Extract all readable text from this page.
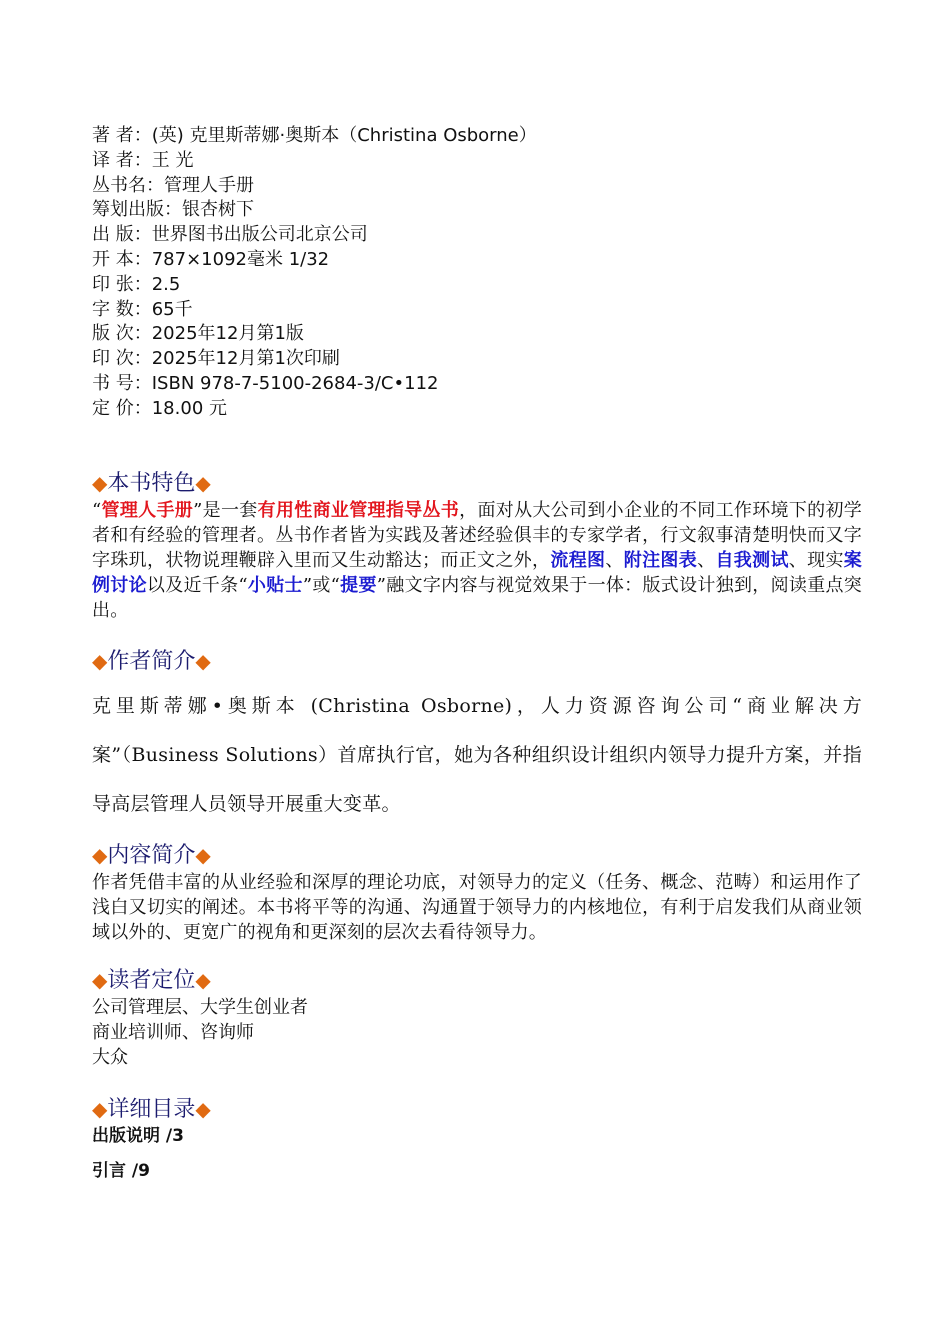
著 者：(英) 克里斯蒂娜·奥斯本（Christina Osborne）
译 者：王 光
丛书名：管理人手册
筹划出版：银杏树下
出 版：世界图书出版公司北京公司
开 本：787×1092毫米 1/32
印 张：2.5
字 数：65千
版 次：2025年12月第1版
印 次：2025年12月第1次印刷
书 号：ISBN 978-7-5100-2684-3/C•112
定 价：18.00 元
◆本书特色◆
“管理人手册”是一套有用性商业管理指导丛书，面对从大公司到小企业的不同工作环境下的初学者和有经验的管理者。丛书作者皆为实践及著述经验俱丰的专家学者，行文叙事清楚明快而又字字珠玑，状物说理鞭辟入里而又生动豁达；而正文之外，流程图、附注图表、自我测试、现实案例讨论以及近千条“小贴士”或“提要”融文字内容与视觉效果于一体：版式设计独到，阅读重点突出。
◆作者简介◆
克里斯蒂娜•奥斯本 (Christina Osborne)，人力资源咨询公司“商业解决方案”（Business Solutions）首席执行官，她为各种组织设计组织内领导力提升方案，并指导高层管理人员领导开展重大变革。
◆内容简介◆
作者凭借丰富的从业经验和深厚的理论功底，对领导力的定义（任务、概念、范畴）和运用作了浅白又切实的阐述。本书将平等的沟通、沟通置于领导力的内核地位，有利于启发我们从商业领域以外的、更宽广的视角和更深刻的层次去看待领导力。
◆读者定位◆
公司管理层、大学生创业者
商业培训师、咨询师
大众
◆详细目录◆
出版说明 /3
引言 /9
